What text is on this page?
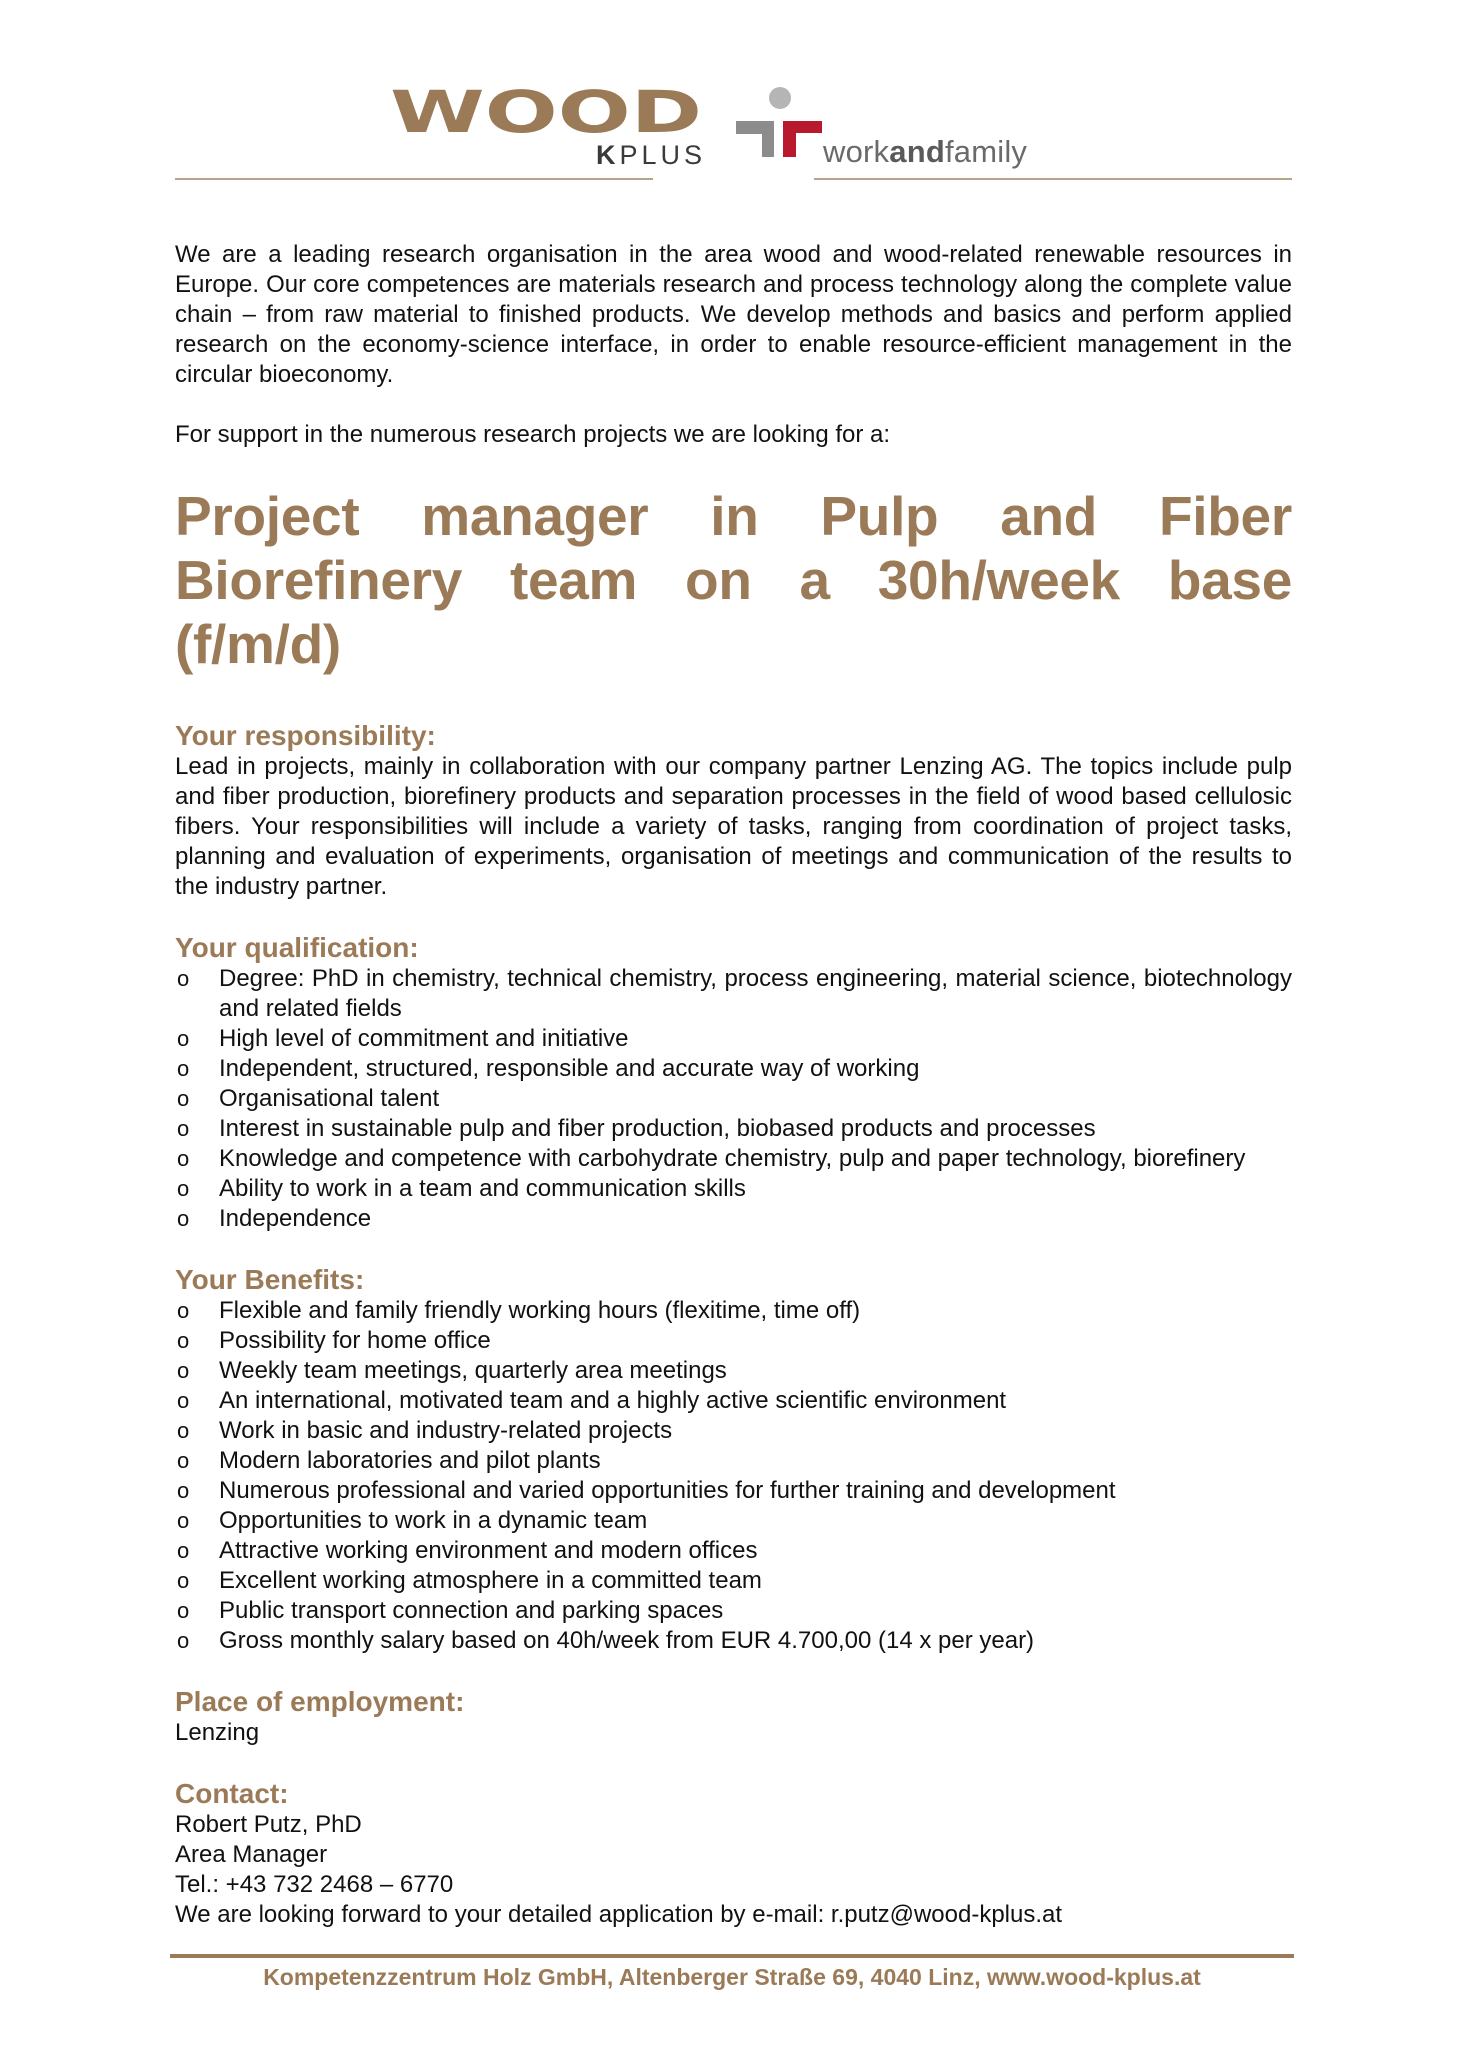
WOOD
KPLUS	workandfamily

We are a leading research organisation in the area wood and wood-related renewable resources in Europe. Our core competences are materials research and process technology along the complete value chain – from raw material to finished products. We develop methods and basics and perform applied research on the economy-science interface, in order to enable resource-efficient management in the circular bioeconomy.

For support in the numerous research projects we are looking for a:

Project manager in Pulp and Fiber
Biorefinery team on a 30h/week base (f/m/d)
Your responsibility:

Lead in projects, mainly in collaboration with our company partner Lenzing AG. The topics include pulp and fiber production, biorefinery products and separation processes in the field of wood based cellulosic fibers. Your responsibilities will include a variety of tasks, ranging from coordination of project tasks, planning and evaluation of experiments, organisation of meetings and communication of the results to the industry partner.

Your qualification:
o Degree: PhD in chemistry, technical chemistry, process engineering, material science, biotechnology and related fields
o High level of commitment and initiative
o Independent, structured, responsible and accurate way of working
o Organisational talent
o Interest in sustainable pulp and fiber production, biobased products and processes
o Knowledge and competence with carbohydrate chemistry, pulp and paper technology, biorefinery
o Ability to work in a team and communication skills
o Independence
Your Benefits:
o Flexible and family friendly working hours (flexitime, time off)
o Possibility for home office
o Weekly team meetings, quarterly area meetings
o An international, motivated team and a highly active scientific environment
o Work in basic and industry-related projects
o Modern laboratories and pilot plants
o Numerous professional and varied opportunities for further training and development
o Opportunities to work in a dynamic team
o Attractive working environment and modern offices
o Excellent working atmosphere in a committed team
o Public transport connection and parking spaces
o Gross monthly salary based on 40h/week from EUR 4.700,00 (14 x per year)
Place of employment:

Lenzing

Contact:

Robert Putz, PhD

Area Manager

Tel.: +43 732 2468 – 6770

We are looking forward to your detailed application by e-mail: r.putz@wood-kplus.at

Kompetenzzentrum Holz GmbH, Altenberger Straße 69, 4040 Linz, www.wood-kplus.at
